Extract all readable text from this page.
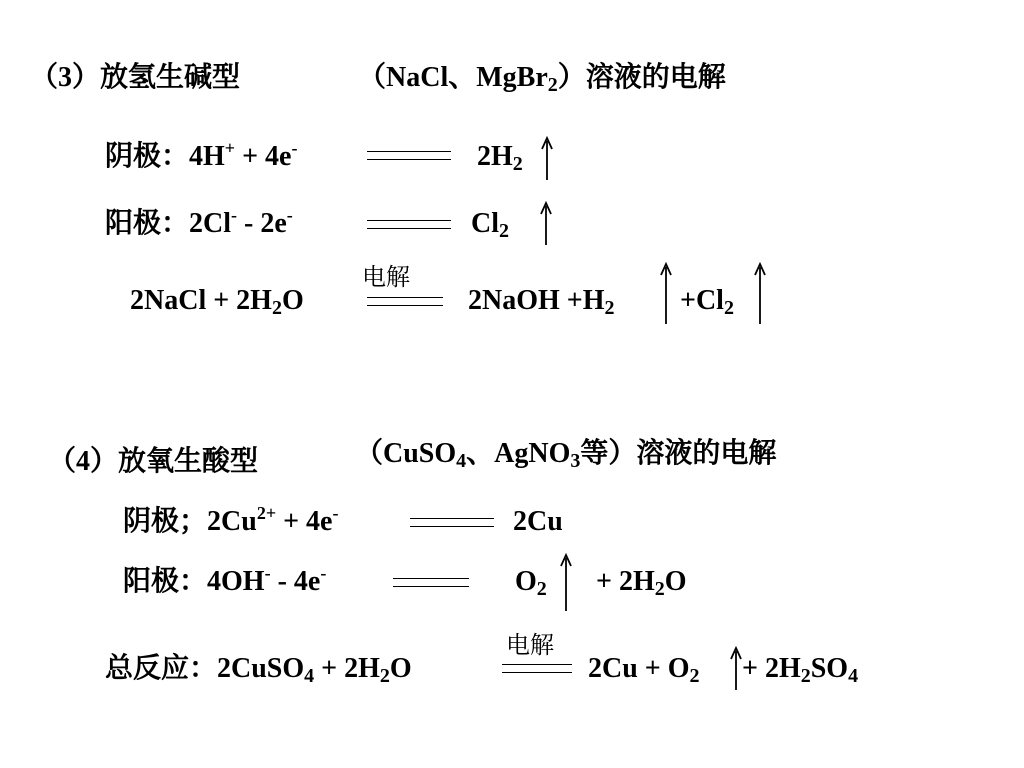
（3）放氢生碱型	（NaCl、MgBr$_2$）溶液的电解
阴极：4H+ + 4e-	$2H_2$
阳极：2Cl- - 2e-	$Cl_2$
电解
2NaCl + $2H_2O$	2NaOH $+H_2 +Cl_2$
（4）放氧生酸型	（CuSO$_4$、AgNO$_3$等）溶液的电解
阴极；$2Cu^{2+} + 4e^-$	2Cu
阳极：4OH- - 4e-	$O_2 + 2H_2O$
电解
总反应：2CuSO$_4$ + $2H_2O$	$2Cu + O_2 + 2H_2SO_4$
